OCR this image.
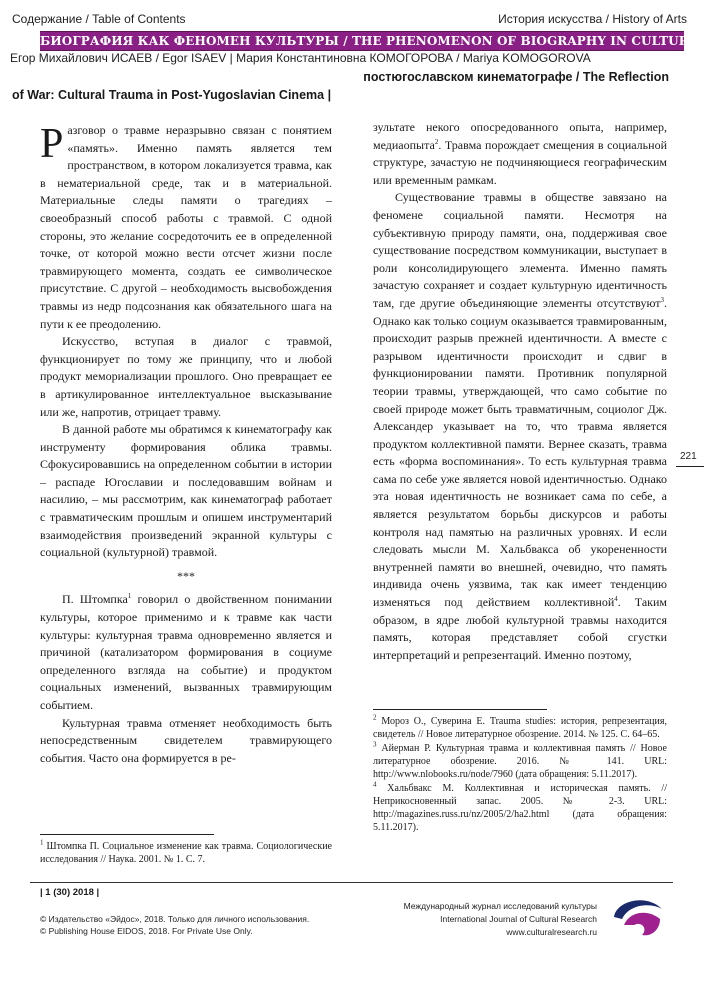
Содержание / Table of Contents	История искусства / History of Arts
БИОГРАФИЯ КАК ФЕНОМЕН КУЛЬТУРЫ / THE PHENOMENON OF BIOGRAPHY IN CULTURE
Егор Михайлович ИСАЕВ / Egor ISAEV | Мария Константиновна КОМОГОРОВА / Mariya KOMOGOROVA

постюгославском кинематографе / The Reflection
of War: Cultural Trauma in Post-Yugoslavian Cinema |

Разговор о травме неразрывно связан с понятием «память». Именно память является тем пространством, в котором локализуется травма, как в нематериальной среде, так и в материальной. Материальные следы памяти о трагедиях – своеобразный способ работы с травмой. С одной стороны, это желание сосредоточить ее в определенной точке, от которой можно вести отсчет жизни после травмирующего момента, создать ее символическое присутствие. С другой – необходимость высвобождения травмы из недр подсознания как обязательного шага на пути к ее преодолению.

Искусство, вступая в диалог с травмой, функционирует по тому же принципу, что и любой продукт мемориализации прошлого. Оно превращает ее в артикулированное интеллектуальное высказывание или же, напротив, отрицает травму.

В данной работе мы обратимся к кинематографу как инструменту формирования облика травмы. Сфокусировавшись на определенном событии в истории – распаде Югославии и последовавшим войнам и насилию, – мы рассмотрим, как кинематограф работает с травматическим прошлым и опишем инструментарий взаимодействия произведений экранной культуры с социальной (культурной) травмой.

***

П. Штомпка$^1$ говорил о двойственном понимании культуры, которое применимо и к травме как части культуры: культурная травма одновременно является и причиной (катализатором формирования в социуме определенного взгляда на событие) и продуктом социальных изменений, вызванных травмирующим событием.

Культурная травма отменяет необходимость быть непосредственным свидетелем травмирующего события. Часто она формируется в ре-

$^1$ Штомпка П. Социальное изменение как травма. Социологические исследования // Наука. 2001. № 1. С. 7.

зультате некого опосредованного опыта, например, медиаопыта$^2$. Травма порождает смещения в социальной структуре, зачастую не подчиняющиеся географическим или временным рамкам.

Существование травмы в обществе завязано на феномене социальной памяти. Несмотря на субъективную природу памяти, она, поддерживая свое существование посредством коммуникации, выступает в роли консолидирующего элемента. Именно память зачастую сохраняет и создает культурную идентичность там, где другие объединяющие элементы отсутствуют$^3$. Однако как только социум оказывается травмированным, происходит разрыв прежней идентичности. А вместе с разрывом идентичности происходит и сдвиг в функционировании памяти. Противник популярной теории травмы, утверждающей, что само событие по своей природе может быть травматичным, социолог Дж. Александер указывает на то, что травма является продуктом коллективной памяти. Вернее сказать, травма есть «форма воспоминания». То есть культурная травма сама по себе уже является новой идентичностью. Однако эта новая идентичность не возникает сама по себе, а является результатом борьбы дискурсов и работы контроля над памятью на различных уровнях. И если следовать мысли М. Хальбвакса об укорененности внутренней памяти во внешней, очевидно, что память индивида очень уязвима, так как имеет тенденцию изменяться под действием коллективной$^4$. Таким образом, в ядре любой культурной травмы находится память, которая представляет собой сгустки интерпретаций и репрезентаций. Именно поэтому,

$^2$ Мороз О., Суверина Е. Trauma studies: история, репрезентация, свидетель // Новое литературное обозрение. 2014. № 125. С. 64–65.
$^3$ Айерман Р. Культурная травма и коллективная память // Новое литературное обозрение. 2016. № 141. URL: http://www.nlobooks.ru/node/7960 (дата обращения: 5.11.2017).
$^4$ Хальбвакс М. Коллективная и историческая память. // Неприкосновенный запас. 2005. № 2-3. URL: http://magazines.russ.ru/nz/2005/2/ha2.html (дата обращения: 5.11.2017).
221
| 1 (30) 2018 |
© Издательство «Эйдос», 2018. Только для личного использования.
© Publishing House EIDOS, 2018. For Private Use Only.
Международный журнал исследований культуры
International Journal of Cultural Research
www.culturalresearch.ru
